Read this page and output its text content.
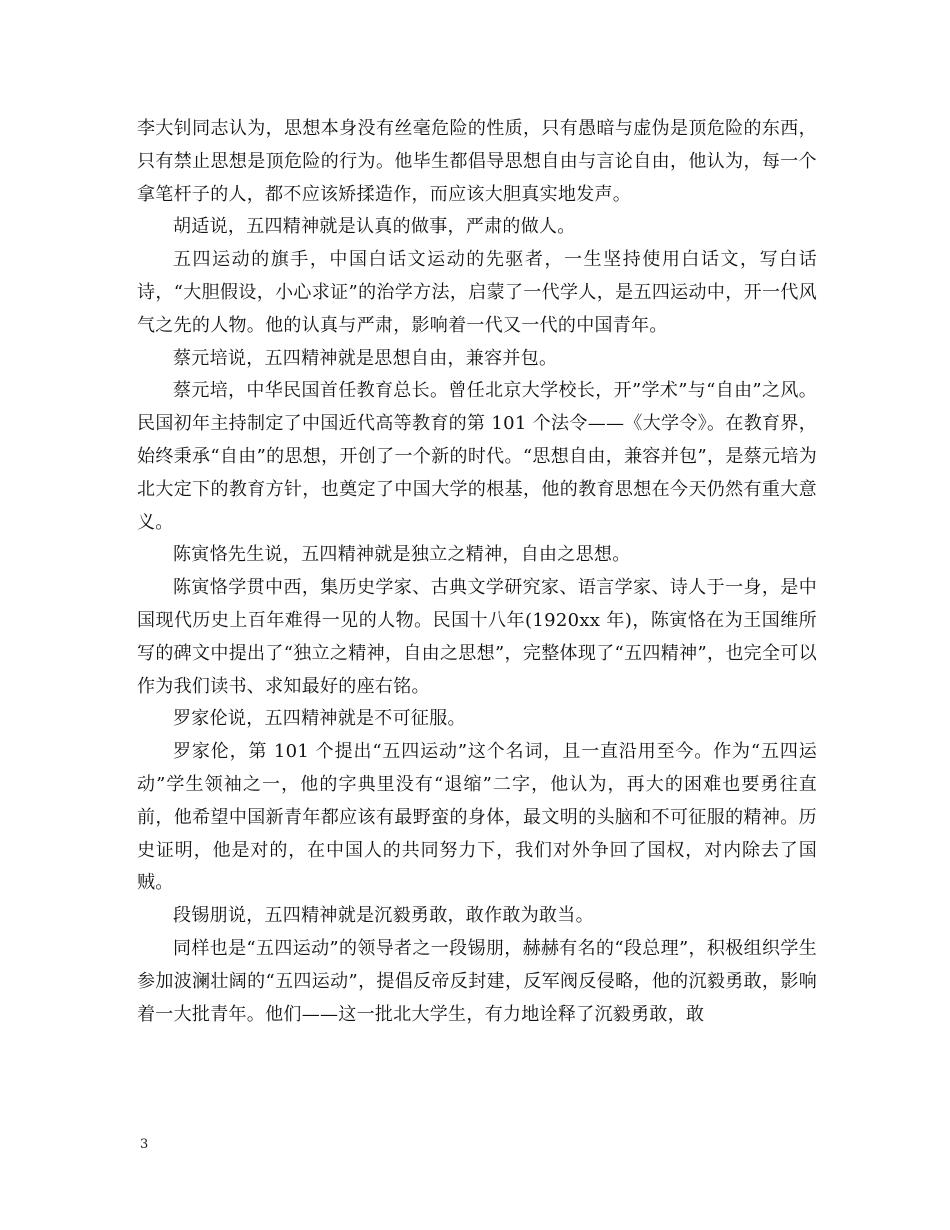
李大钊同志认为，思想本身没有丝毫危险的性质，只有愚暗与虚伪是顶危险的东西，只有禁止思想是顶危险的行为。他毕生都倡导思想自由与言论自由，他认为，每一个拿笔杆子的人，都不应该矫揉造作，而应该大胆真实地发声。

胡适说，五四精神就是认真的做事，严肃的做人。

五四运动的旗手，中国白话文运动的先驱者，一生坚持使用白话文，写白话诗，“大胆假设，小心求证”的治学方法，启蒙了一代学人，是五四运动中，开一代风气之先的人物。他的认真与严肃，影响着一代又一代的中国青年。

蔡元培说，五四精神就是思想自由，兼容并包。

蔡元培，中华民国首任教育总长。曾任北京大学校长，开”学术”与“自由”之风。民国初年主持制定了中国近代高等教育的第 101 个法令——《大学令》。在教育界，始终秉承“自由”的思想，开创了一个新的时代。“思想自由，兼容并包”，是蔡元培为北大定下的教育方针，也奠定了中国大学的根基，他的教育思想在今天仍然有重大意义。

陈寅恪先生说，五四精神就是独立之精神，自由之思想。

陈寅恪学贯中西，集历史学家、古典文学研究家、语言学家、诗人于一身，是中国现代历史上百年难得一见的人物。民国十八年(1920xx 年)，陈寅恪在为王国维所写的碑文中提出了“独立之精神，自由之思想”，完整体现了“五四精神”，也完全可以作为我们读书、求知最好的座右铭。

罗家伦说，五四精神就是不可征服。

罗家伦，第 101 个提出“五四运动”这个名词，且一直沿用至今。作为“五四运动”学生领袖之一，他的字典里没有“退缩”二字，他认为，再大的困难也要勇往直前，他希望中国新青年都应该有最野蛮的身体，最文明的头脑和不可征服的精神。历史证明，他是对的，在中国人的共同努力下，我们对外争回了国权，对内除去了国贼。

段锡朋说，五四精神就是沉毅勇敢，敢作敢为敢当。

同样也是“五四运动”的领导者之一段锡朋，赫赫有名的“段总理”，积极组织学生参加波澜壮阔的“五四运动”，提倡反帝反封建，反军阀反侵略，他的沉毅勇敢，影响着一大批青年。他们——这一批北大学生，有力地诠释了沉毅勇敢，敢

3
